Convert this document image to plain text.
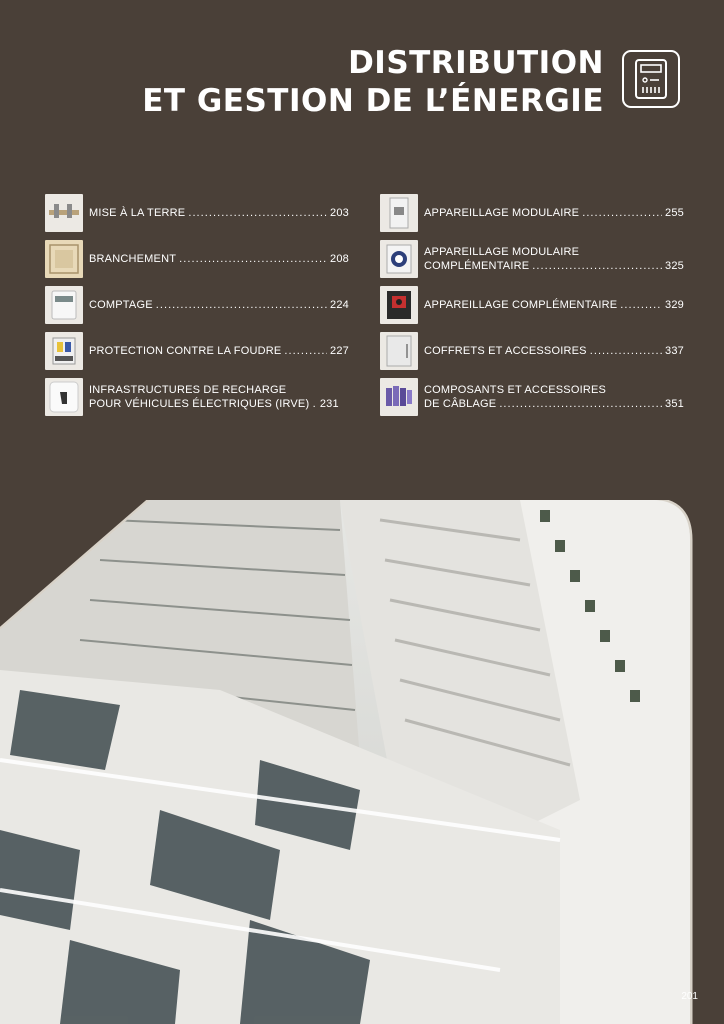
DISTRIBUTION
ET GESTION DE L’ÉNERGIE
MISE À LA TERRE . . .	203
BRANCHEMENT . . .	208
COMPTAGE . . .	224
PROTECTION CONTRE LA FOUDRE . . .	227
INFRASTRUCTURES DE RECHARGE
POUR VÉHICULES ÉLECTRIQUES (IRVE) . 231
APPAREILLAGE MODULAIRE . . .	255
APPAREILLAGE MODULAIRE
COMPLÉMENTAIRE . . .	325
APPAREILLAGE COMPLÉMENTAIRE . . .	329
COFFRETS ET ACCESSOIRES . . .	337
COMPOSANTS ET ACCESSOIRES
DE CÂBLAGE . . .	351
201
